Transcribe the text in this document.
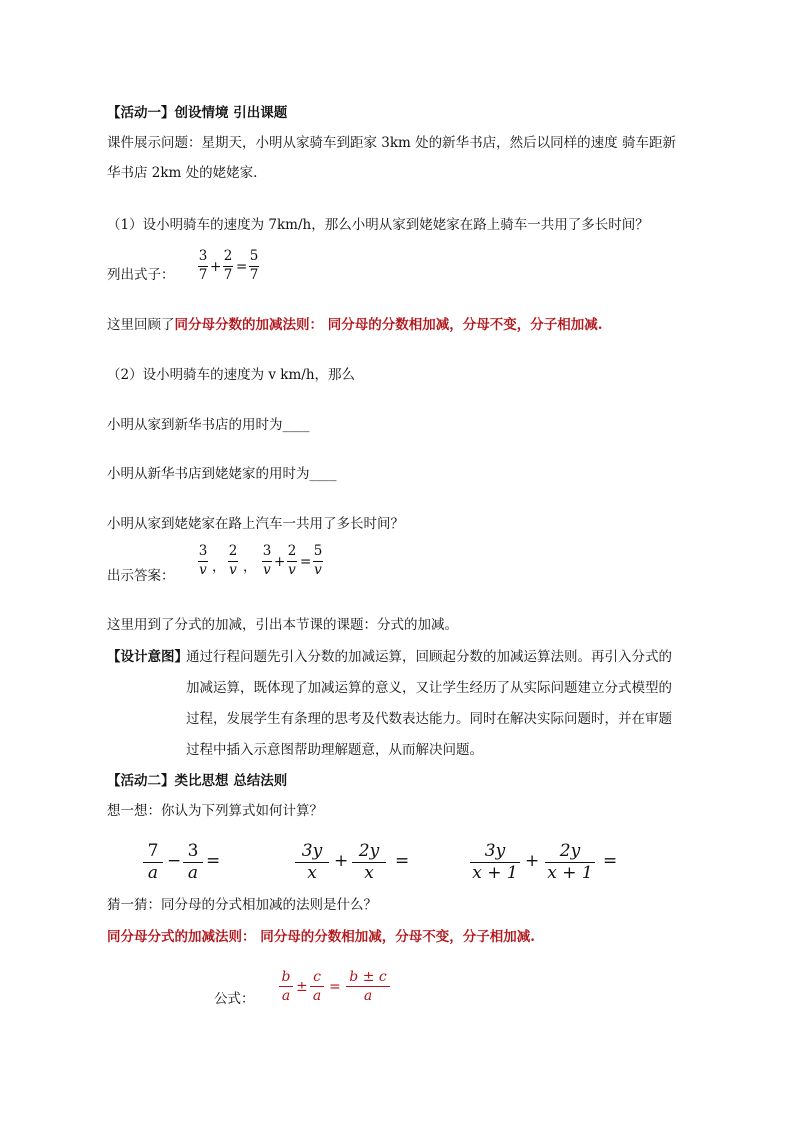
【活动一】创设情境 引出课题
课件展示问题：星期天，小明从家骑车到距家 3km 处的新华书店，然后以同样的速度 骑车距新
华书店 2km 处的姥姥家.
（1）设小明骑车的速度为 7km/h，那么小明从家到姥姥家在路上骑车一共用了多长时间？
列出式子：
3
7 +
2
7 =
5
7
这里回顾了同分母分数的加减法则： 同分母的分数相加减，分母不变，分子相加减.
（2）设小明骑车的速度为 v km/h，那么
小明从家到新华书店的用时为____
小明从新华书店到姥姥家的用时为____
小明从家到姥姥家在路上汽车一共用了多长时间？
出示答案：
3
v ，
2
v ，
3
v +
2
v =
5
v
这里用到了分式的加减，引出本节课的课题：分式的加减。
【设计意图】
通过行程问题先引入分数的加减运算，回顾起分数的加减运算法则。再引入分式的
加减运算，既体现了加减运算的意义，又让学生经历了从实际问题建立分式模型的
过程，发展学生有条理的思考及代数表达能力。同时在解决实际问题时，并在审题
过程中插入示意图帮助理解题意，从而解决问题。
【活动二】类比思想 总结法则
想一想：你认为下列算式如何计算？
7
a
− 3
a
=	3y
x
+ 2y
x
=	3y
x + 1
+	2y
x + 1
=
猜一猜：同分母的分式相加减的法则是什么？
同分母分式的加减法则： 同分母的分数相加减，分母不变，分子相加减.
公式：
b
a
±
c
a
=
b ± c
a
